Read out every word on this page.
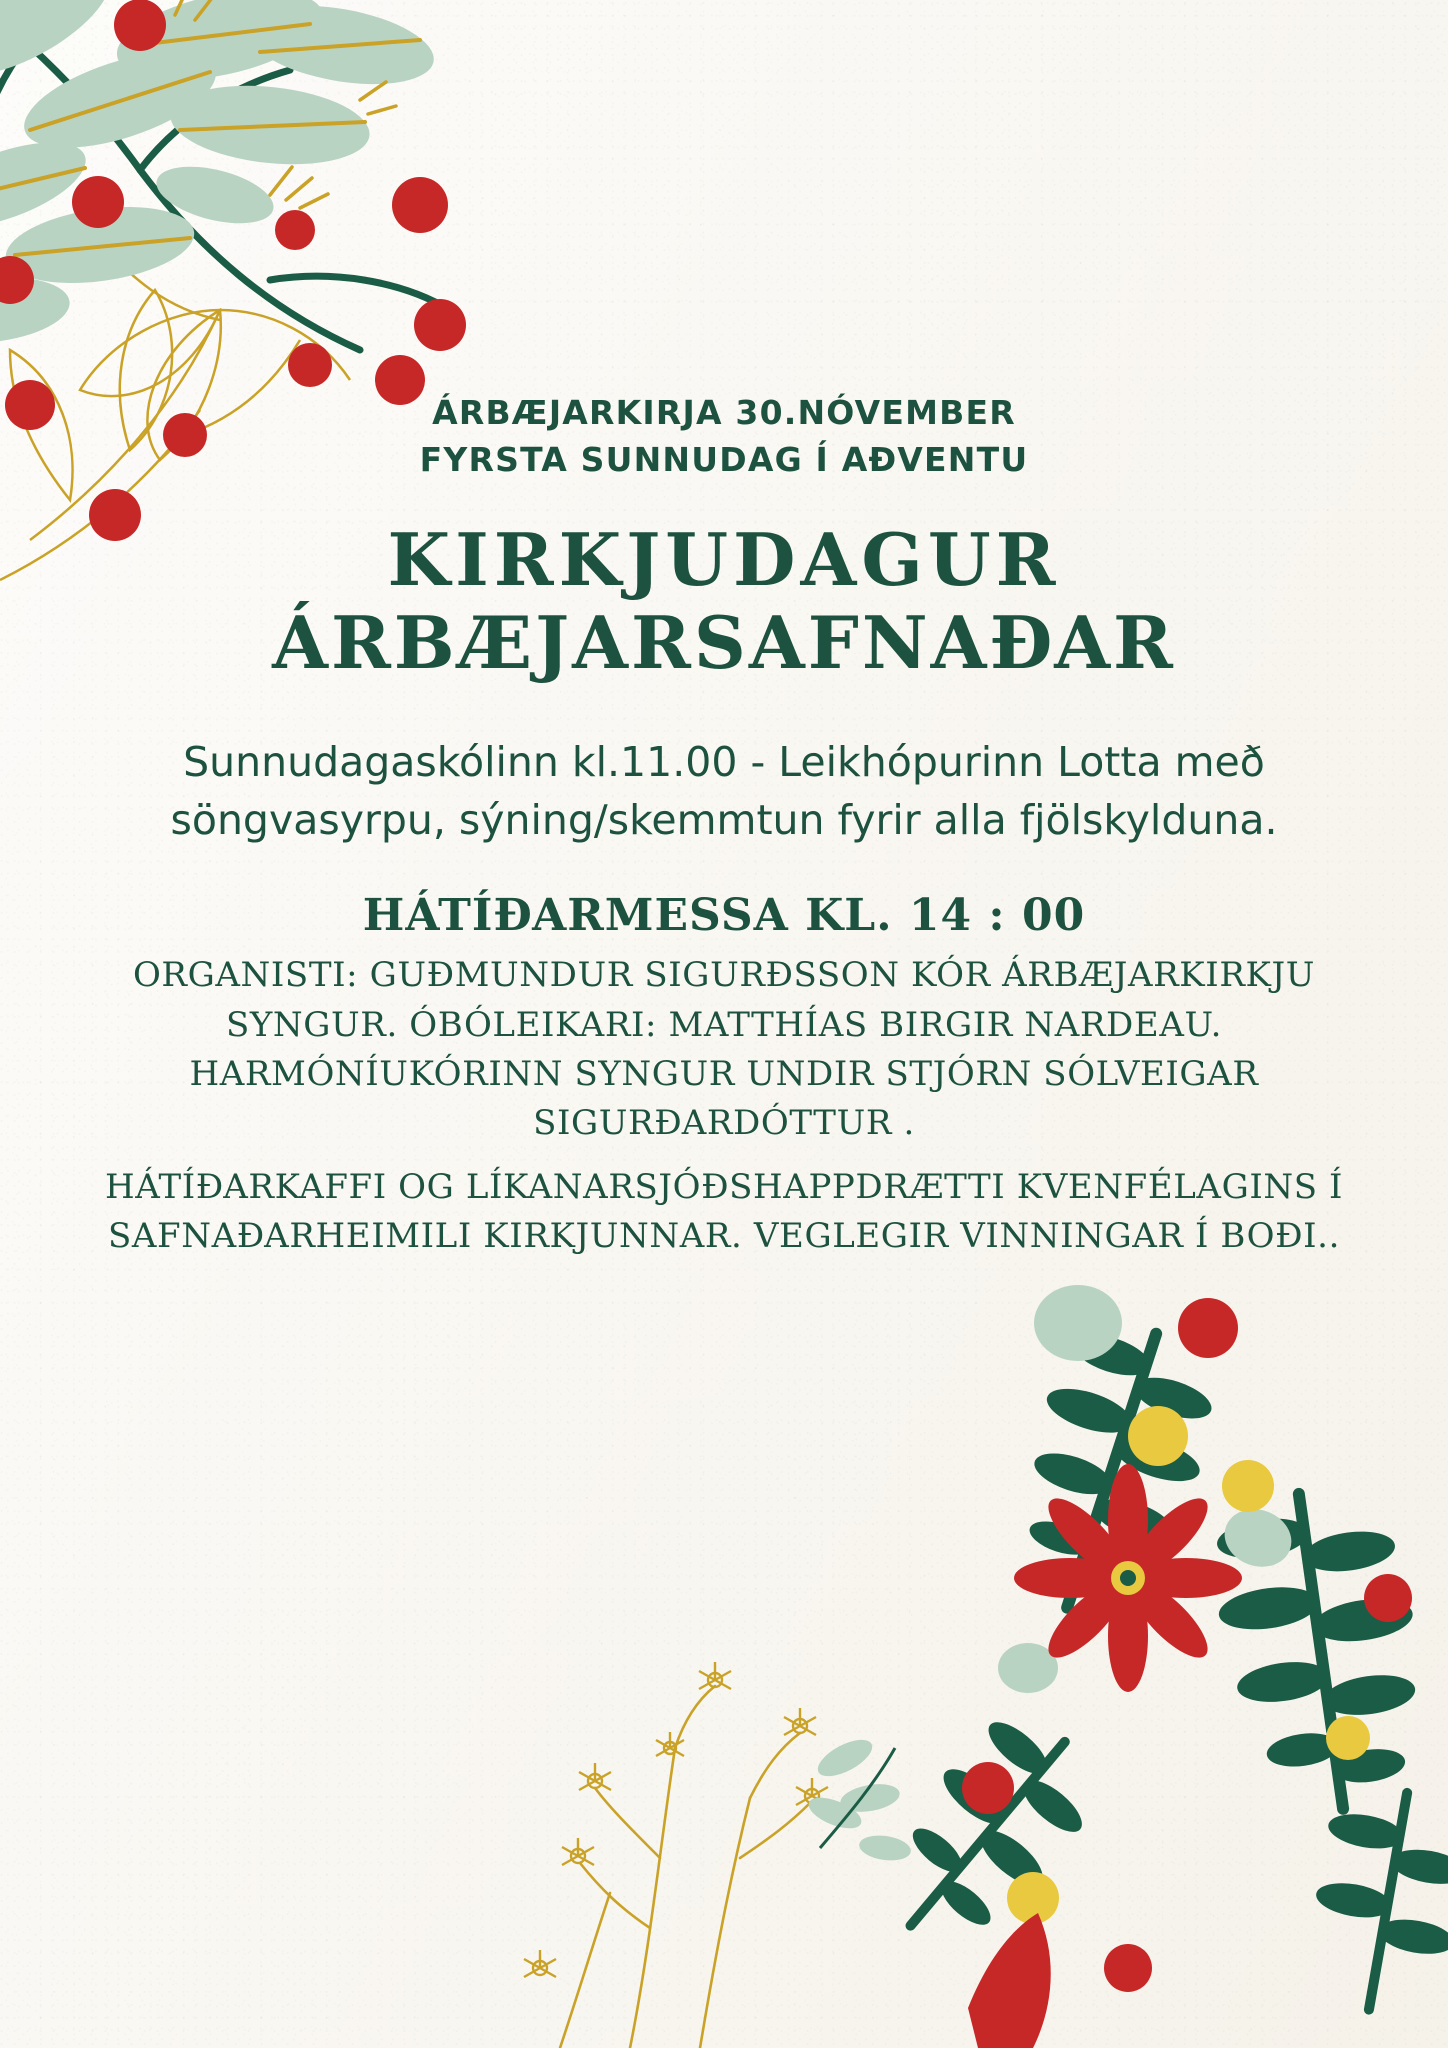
ÁRBÆJARKIRJA 30.NÓVEMBER
FYRSTA SUNNUDAG Í AÐVENTU
KIRKJUDAGUR
ÁRBÆJARSAFNAÐAR

Sunnudagaskólinn kl.11.00 - Leikhópurinn Lotta með söngvasyrpu, sýning/skemmtun fyrir alla fjölskylduna.

HÁTÍÐARMESSA KL. 14 : 00

ORGANISTI: GUÐMUNDUR SIGURÐSSON KÓR ÁRBÆJARKIRKJU SYNGUR. ÓBÓLEIKARI: MATTHÍAS BIRGIR NARDEAU. HARMÓNÍUKÓRINN SYNGUR UNDIR STJÓRN SÓLVEIGAR SIGURÐARDÓTTUR .

HÁTÍÐARKAFFI OG LÍKANARSJÓÐSHAPPDRÆTTI KVENFÉLAGINS Í SAFNAÐARHEIMILI KIRKJUNNAR. VEGLEGIR VINNINGAR Í BOÐI..
